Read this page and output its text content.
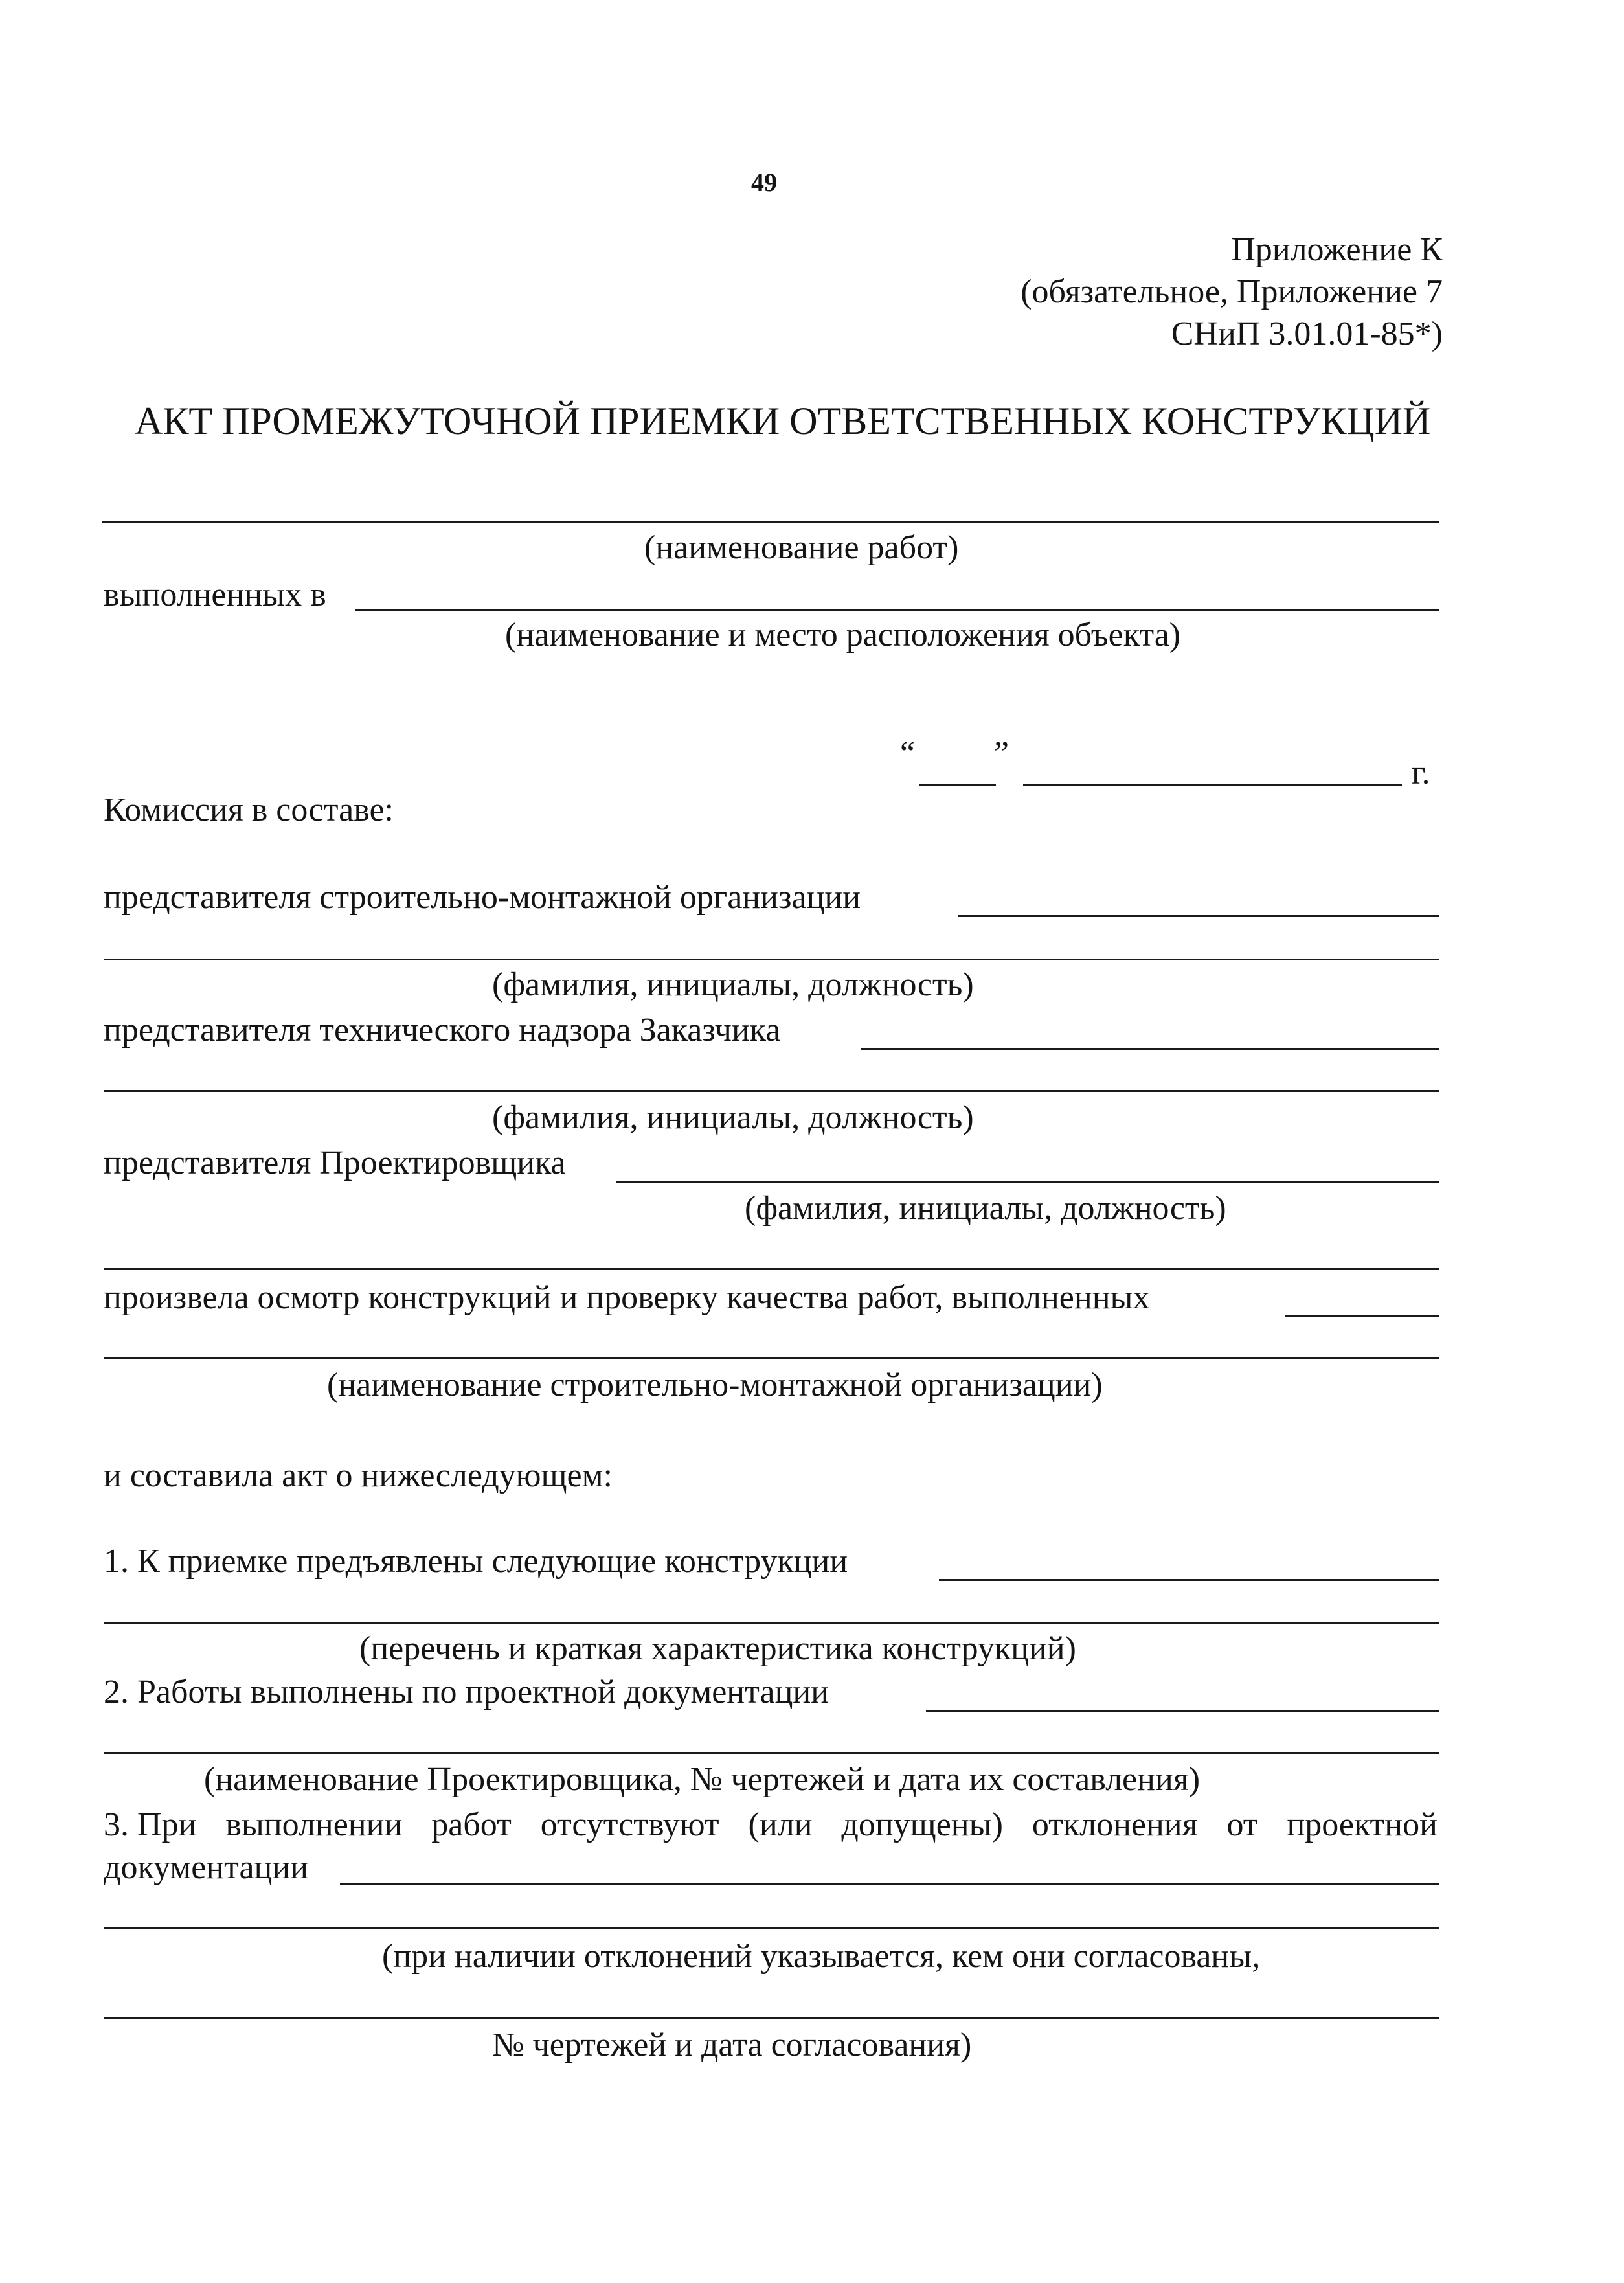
49
Приложение К
(обязательное, Приложение 7
СНиП 3.01.01-85*)
АКТ ПРОМЕЖУТОЧНОЙ ПРИЕМКИ ОТВЕТСТВЕННЫХ КОНСТРУКЦИЙ
(наименование работ)
выполненных в
(наименование и место расположения объекта)
“ ”
г.
Комиссия в составе:
представителя строительно-монтажной организации
(фамилия, инициалы, должность)
представителя технического надзора Заказчика
(фамилия, инициалы, должность)
представителя Проектировщика
(фамилия, инициалы, должность)
произвела осмотр конструкций и проверку качества работ, выполненных
(наименование строительно-монтажной организации)
и составила акт о нижеследующем:
1. К приемке предъявлены следующие конструкции
(перечень и краткая характеристика конструкций)
2. Работы выполнены по проектной документации
(наименование Проектировщика, № чертежей и дата их составления)
3. При выполнении работ отсутствуют (или допущены) отклонения от проектной
документации
(при наличии отклонений указывается, кем они согласованы,
№ чертежей и дата согласования)
